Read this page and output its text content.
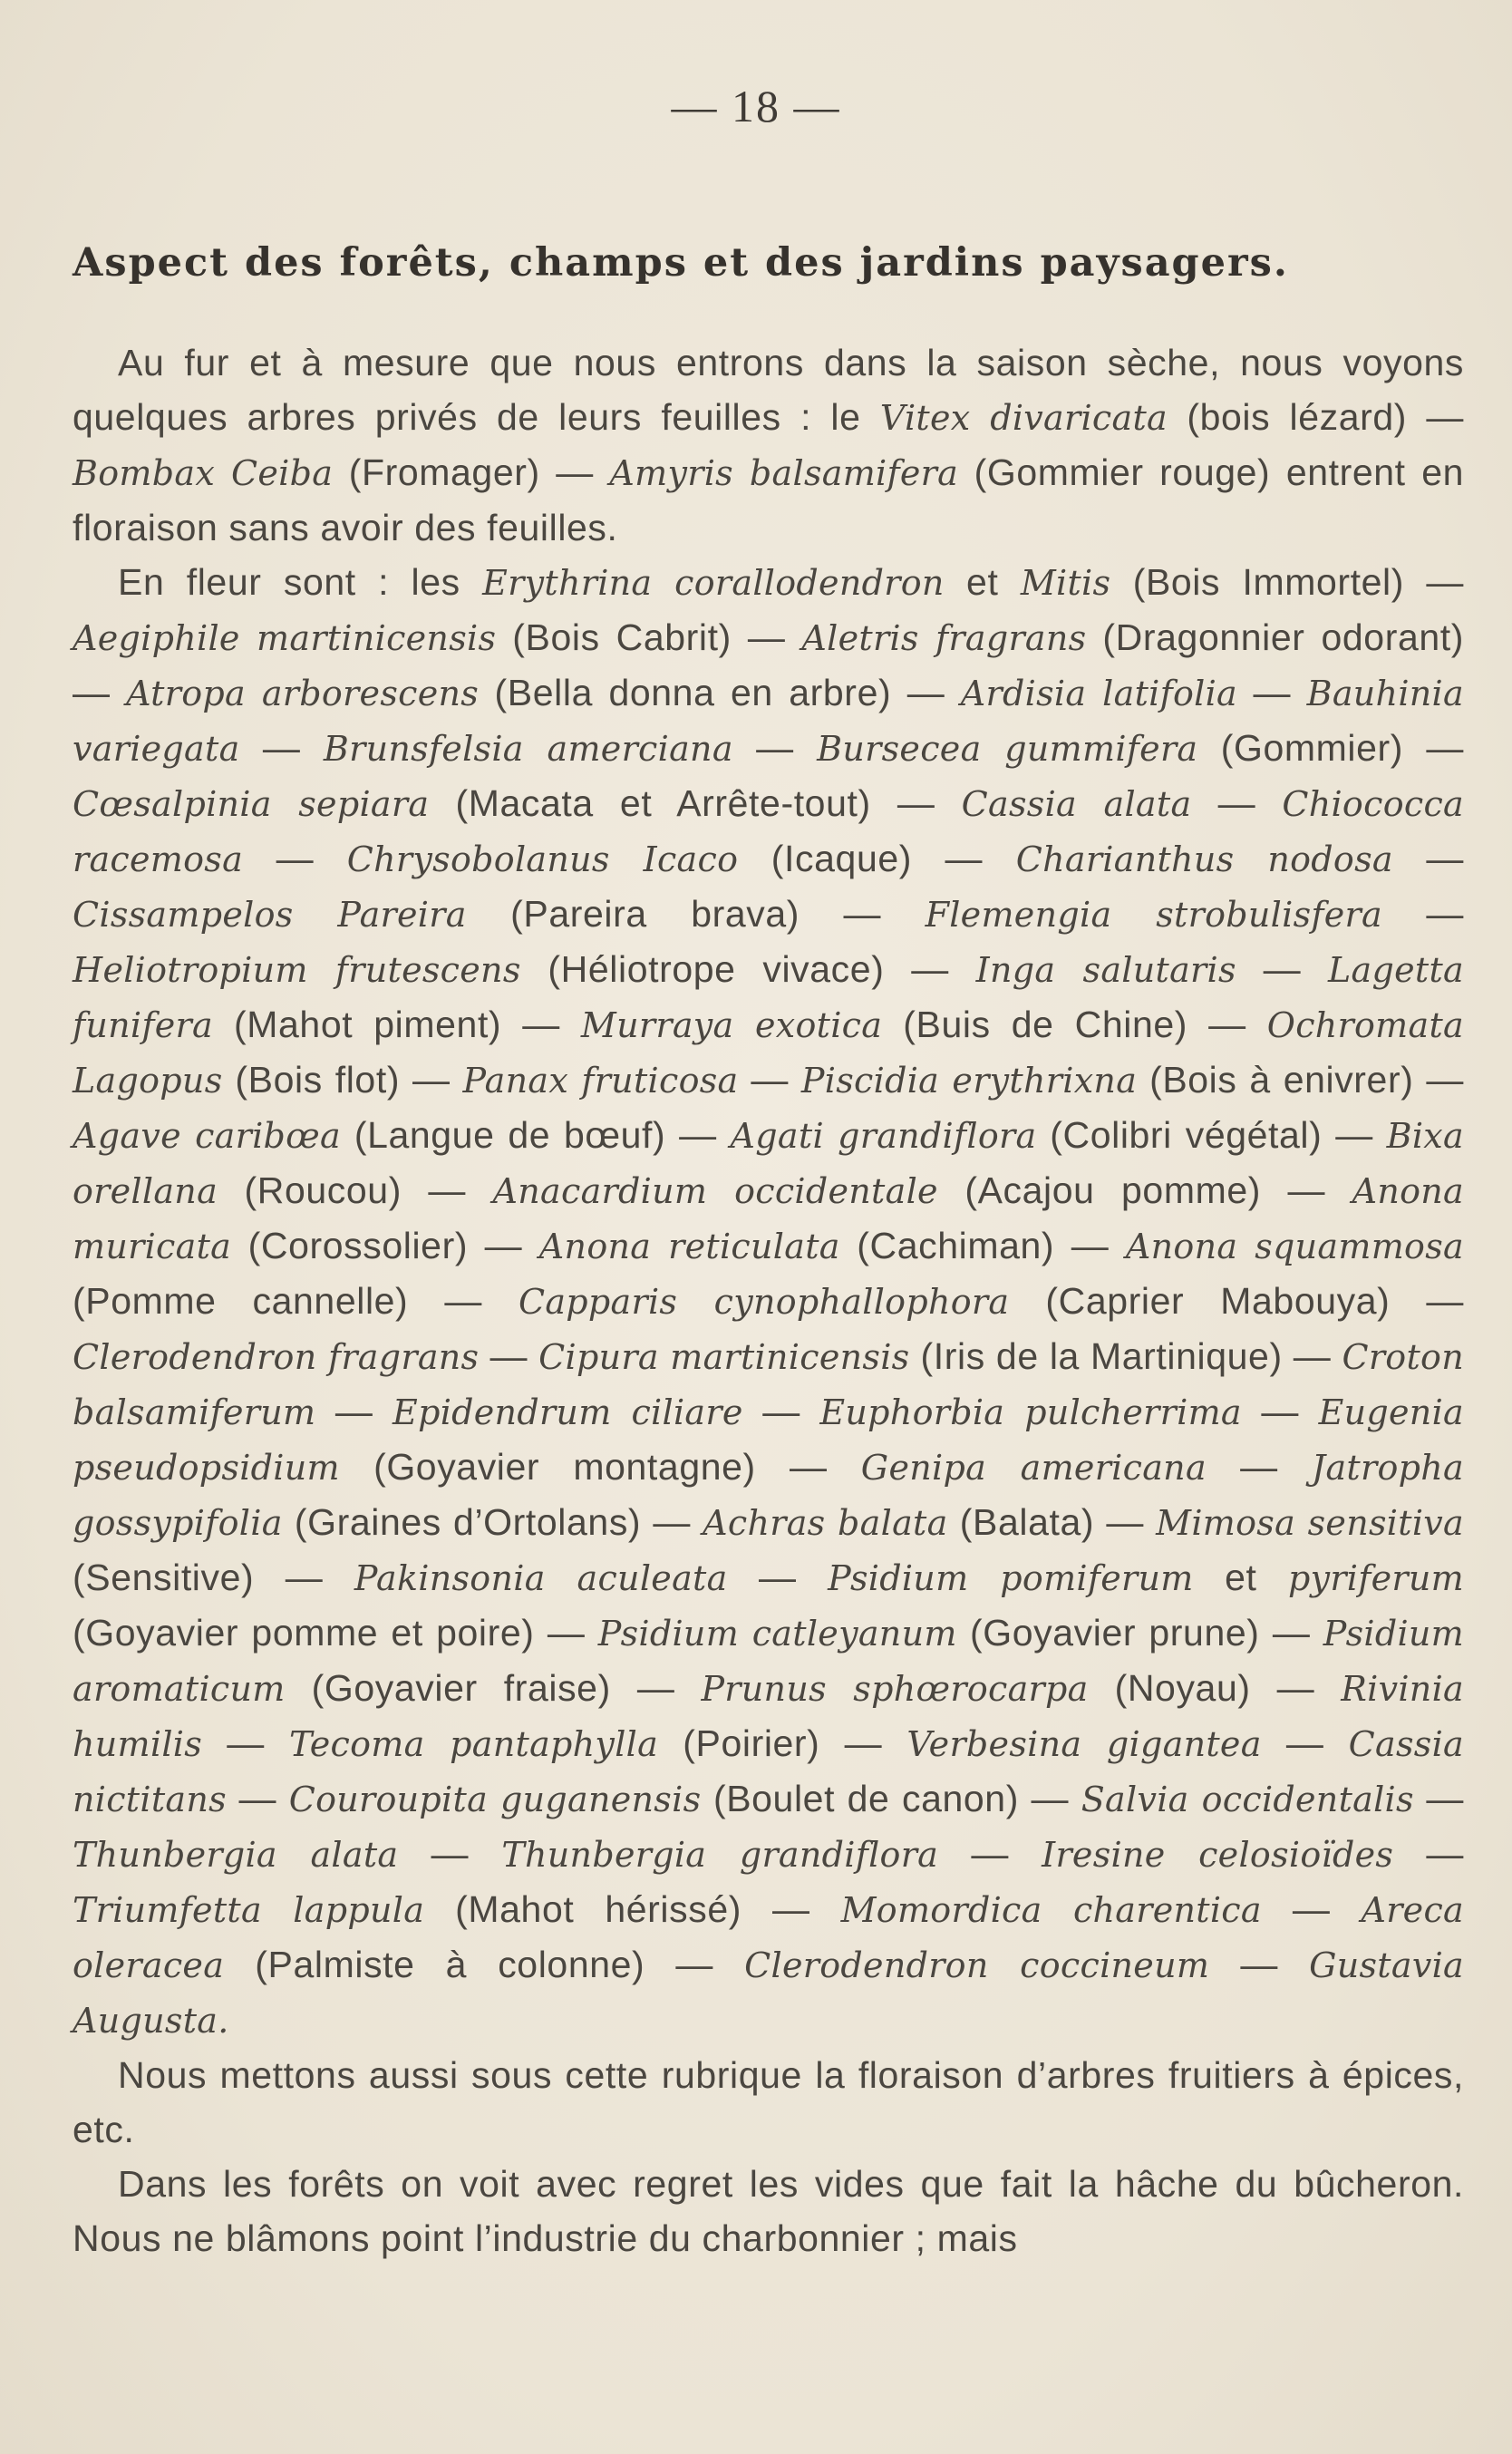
— 18 —
Aspect des forêts, champs et des jardins paysagers.

Au fur et à mesure que nous entrons dans la saison sèche, nous voyons quelques arbres privés de leurs feuilles : le Vitex divaricata (bois lézard) — Bombax Ceiba (Fromager) — Amyris balsamifera (Gommier rouge) entrent en floraison sans avoir des feuilles.

En fleur sont : les Erythrina corallodendron et Mitis (Bois Immortel) — Aegiphile martinicensis (Bois Cabrit) — Aletris fragrans (Dragonnier odorant) — Atropa arborescens (Bella donna en arbre) — Ardisia latifolia — Bauhinia variegata — Brunsfelsia amerciana — Bursecea gummifera (Gommier) — Cœsalpinia sepiara (Macata et Arrête-tout) — Cassia alata — Chiococca racemosa — Chrysobolanus Icaco (Icaque) — Charianthus nodosa — Cissampelos Pareira (Pareira brava) — Flemengia strobulisfera — Heliotropium frutescens (Héliotrope vivace) — Inga salutaris — Lagetta funifera (Mahot piment) — Murraya exotica (Buis de Chine) — Ochromata Lagopus (Bois flot) — Panax fruticosa — Piscidia erythrixna (Bois à enivrer) — Agave caribœa (Langue de bœuf) — Agati grandiflora (Colibri végétal) — Bixa orellana (Roucou) — Anacardium occidentale (Acajou pomme) — Anona muricata (Corossolier) — Anona reticulata (Cachiman) — Anona squammosa (Pomme cannelle) — Capparis cynophallophora (Caprier Mabouya) — Clerodendron fragrans — Cipura martinicensis (Iris de la Martinique) — Croton balsamiferum — Epidendrum ciliare — Euphorbia pulcherrima — Eugenia pseudopsidium (Goyavier montagne) — Genipa americana — Jatropha gossypifolia (Graines d’Ortolans) — Achras balata (Balata) — Mimosa sensitiva (Sensitive) — Pakinsonia aculeata — Psidium pomiferum et pyriferum (Goyavier pomme et poire) — Psidium catleyanum (Goyavier prune) — Psidium aromaticum (Goyavier fraise) — Prunus sphœrocarpa (Noyau) — Rivinia humilis — Tecoma pantaphylla (Poirier) — Verbesina gigantea — Cassia nictitans — Couroupita guganensis (Boulet de canon) — Salvia occidentalis — Thunbergia alata — Thunbergia grandiflora — Iresine celosioïdes — Triumfetta lappula (Mahot hérissé) — Momordica charentica — Areca oleracea (Palmiste à colonne) — Clerodendron coccineum — Gustavia Augusta.

Nous mettons aussi sous cette rubrique la floraison d’arbres fruitiers à épices, etc.

Dans les forêts on voit avec regret les vides que fait la hâche du bûcheron. Nous ne blâmons point l’industrie du charbonnier ; mais
